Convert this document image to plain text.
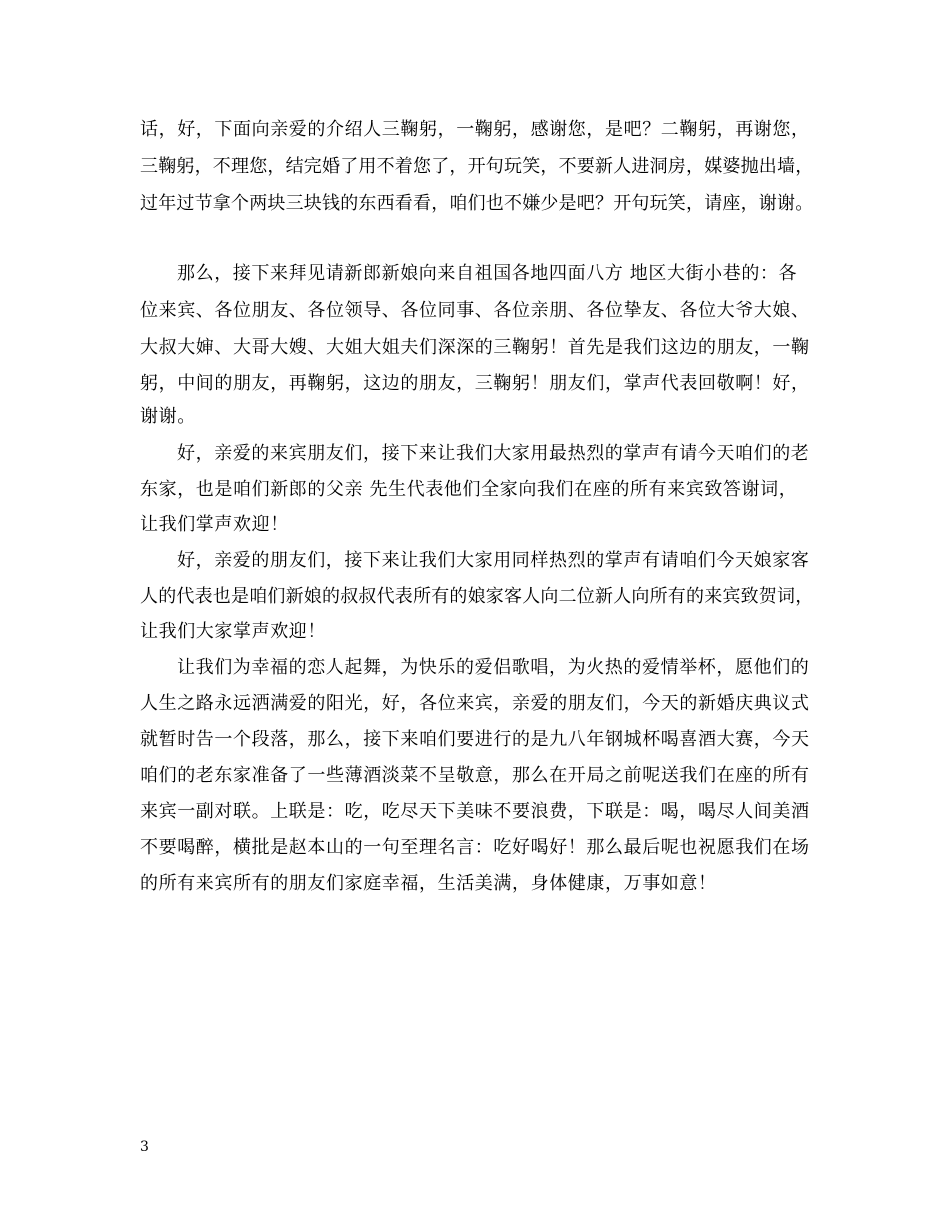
话，好，下面向亲爱的介绍人三鞠躬，一鞠躬，感谢您，是吧？二鞠躬，再谢您，
三鞠躬，不理您，结完婚了用不着您了，开句玩笑，不要新人进洞房，媒婆抛出墙，
过年过节拿个两块三块钱的东西看看，咱们也不嫌少是吧？开句玩笑，请座，谢谢。
那么，接下来拜见请新郎新娘向来自祖国各地四面八方 地区大街小巷的：各
位来宾、各位朋友、各位领导、各位同事、各位亲朋、各位挚友、各位大爷大娘、
大叔大婶、大哥大嫂、大姐大姐夫们深深的三鞠躬！首先是我们这边的朋友，一鞠
躬，中间的朋友，再鞠躬，这边的朋友，三鞠躬！朋友们，掌声代表回敬啊！好，
谢谢。
好，亲爱的来宾朋友们，接下来让我们大家用最热烈的掌声有请今天咱们的老
东家，也是咱们新郎的父亲 先生代表他们全家向我们在座的所有来宾致答谢词，
让我们掌声欢迎！
好，亲爱的朋友们，接下来让我们大家用同样热烈的掌声有请咱们今天娘家客
人的代表也是咱们新娘的叔叔代表所有的娘家客人向二位新人向所有的来宾致贺词，
让我们大家掌声欢迎！
让我们为幸福的恋人起舞，为快乐的爱侣歌唱，为火热的爱情举杯，愿他们的
人生之路永远洒满爱的阳光，好，各位来宾，亲爱的朋友们，今天的新婚庆典议式
就暂时告一个段落，那么，接下来咱们要进行的是九八年钢城杯喝喜酒大赛，今天
咱们的老东家准备了一些薄酒淡菜不呈敬意，那么在开局之前呢送我们在座的所有
来宾一副对联。上联是：吃，吃尽天下美味不要浪费，下联是：喝，喝尽人间美酒
不要喝醉，横批是赵本山的一句至理名言：吃好喝好！那么最后呢也祝愿我们在场
的所有来宾所有的朋友们家庭幸福，生活美满，身体健康，万事如意！
3
